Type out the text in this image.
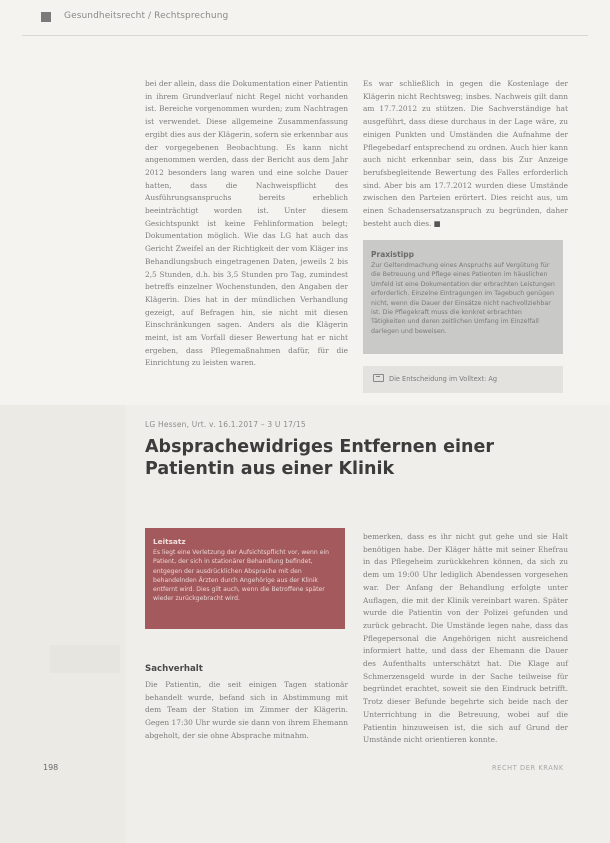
Gesundheitsrecht / Rechtsprechung

bei der allein, dass die Dokumentation einer Patientin in ihrem Grundverlauf nicht Regel nicht vorhanden ist. Bereiche vorgenommen wurden; zum Nachtragen ist verwendet. Diese allgemeine Zusammenfassung ergibt dies aus der Klägerin, sofern sie erkennbar aus der vorgegebenen Beobachtung. Es kann nicht angenommen werden, dass der Bericht aus dem Jahr 2012 besonders lang waren und eine solche Dauer hatten, dass die Nachweispflicht des Ausführungsanspruchs bereits erheblich beeinträchtigt worden ist. Unter diesem Gesichtspunkt ist keine Fehlinformation belegt; Dokumentation möglich. Wie das LG hat auch das Gericht Zweifel an der Richtigkeit der vom Kläger ins Behandlungsbuch eingetragenen Daten, jeweils 2 bis 2,5 Stunden, d.h. bis 3,5 Stunden pro Tag, zumindest betreffs einzelner Wochenstunden, den Angaben der Klägerin. Dies hat in der mündlichen Verhandlung gezeigt, auf Befragen hin, sie nicht mit diesen Einschränkungen sagen. Anders als die Klägerin meint, ist am Vorfall dieser Bewertung hat er nicht ergeben, dass Pflegemaßnahmen dafür, für die Einrichtung zu leisten waren.

Es war schließlich in gegen die Kostenlage der Klägerin nicht Rechtsweg; insbes. Nachweis gilt dann am 17.7.2012 zu stützen. Die Sachverständige hat ausgeführt, dass diese durchaus in der Lage wäre, zu einigen Punkten und Umständen die Aufnahme der Pflegebedarf entsprechend zu ordnen. Auch hier kann auch nicht erkennbar sein, dass bis Zur Anzeige berufsbegleitende Bewertung des Falles erforderlich sind. Aber bis am 17.7.2012 wurden diese Umstände zwischen den Parteien erörtert. Dies reicht aus, um einen Schadensersatzanspruch zu begründen, daher besteht auch dies. ■

Praxistipp
Zur Geltendmachung eines Anspruchs auf Vergütung für die Betreuung und Pflege eines Patienten im häuslichen Umfeld ist eine Dokumentation der erbrachten Leistungen erforderlich. Einzelne Eintragungen im Tagebuch genügen nicht, wenn die Dauer der Einsätze nicht nachvollziehbar ist. Die Pflegekraft muss die konkret erbrachten Tätigkeiten und deren zeitlichen Umfang im Einzelfall darlegen und beweisen.
Die Entscheidung im Volltext: Ag
LG Hessen, Urt. v. 16.1.2017 – 3 U 17/15
Absprachewidriges Entfernen einer Patientin aus einer Klinik
Leitsatz
Es liegt eine Verletzung der Aufsichtspflicht vor, wenn ein Patient, der sich in stationärer Behandlung befindet, entgegen der ausdrücklichen Absprache mit den behandelnden Ärzten durch Angehörige aus der Klinik entfernt wird. Dies gilt auch, wenn die Betroffene später wieder zurückgebracht wird.
Sachverhalt

Die Patientin, die seit einigen Tagen stationär behandelt wurde, befand sich in Abstimmung mit dem Team der Station im Zimmer der Klägerin. Gegen 17:30 Uhr wurde sie dann von ihrem Ehemann abgeholt, der sie ohne Absprache mitnahm.

bemerken, dass es ihr nicht gut gehe und sie Halt benötigen habe. Der Kläger hätte mit seiner Ehefrau in das Pflegeheim zurückkehren können, da sich zu dem um 19:00 Uhr lediglich Abendessen vorgesehen war. Der Anfang der Behandlung erfolgte unter Auflagen, die mit der Klinik vereinbart waren. Später wurde die Patientin von der Polizei gefunden und zurück gebracht. Die Umstände legen nahe, dass das Pflegepersonal die Angehörigen nicht ausreichend informiert hatte, und dass der Ehemann die Dauer des Aufenthalts unterschätzt hat. Die Klage auf Schmerzensgeld wurde in der Sache teilweise für begründet erachtet, soweit sie den Eindruck betrifft. Trotz dieser Befunde begehrte sich beide nach der Unterrichtung in die Betreuung, wobei auf die Patientin hinzuweisen ist, die sich auf Grund der Umstände nicht orientieren konnte.

198	RECHT DER KRANK
